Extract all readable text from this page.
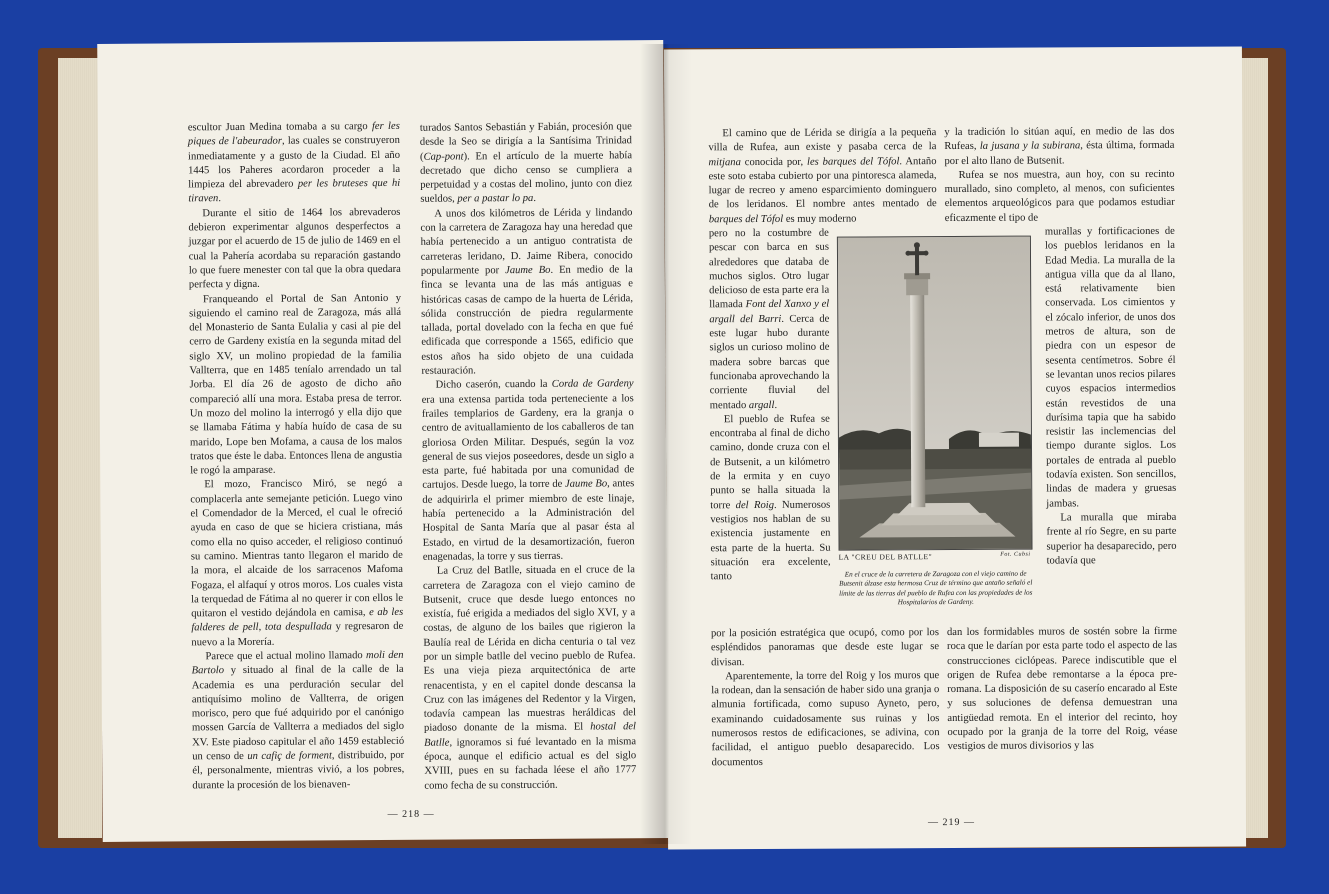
escultor Juan Medina tomaba a su cargo fer les piques de l'abeurador, las cuales se construyeron inmediatamente y a gusto de la Ciudad. El año 1445 los Paheres acordaron proceder a la limpieza del abrevadero per les bruteses que hi tiraven.

Durante el sitio de 1464 los abrevaderos debieron experimentar algunos desperfectos a juzgar por el acuerdo de 15 de julio de 1469 en el cual la Pahería acordaba su reparación gastando lo que fuere menester con tal que la obra quedara perfecta y digna.

Franqueando el Portal de San Antonio y siguiendo el camino real de Zaragoza, más allá del Monasterio de Santa Eulalia y casi al pie del cerro de Gardeny existía en la segunda mitad del siglo XV, un molino propiedad de la familia Vallterra, que en 1485 teníalo arrendado un tal Jorba. El día 26 de agosto de dicho año compareció allí una mora. Estaba presa de terror. Un mozo del molino la interrogó y ella dijo que se llamaba Fátima y había huído de casa de su marido, Lope ben Mofama, a causa de los malos tratos que éste le daba. Entonces llena de angustia le rogó la amparase.

El mozo, Francisco Miró, se negó a complacerla ante semejante petición. Luego vino el Comendador de la Merced, el cual le ofreció ayuda en caso de que se hiciera cristiana, más como ella no quiso acceder, el religioso continuó su camino. Mientras tanto llegaron el marido de la mora, el alcaide de los sarracenos Mafoma Fogaza, el alfaquí y otros moros. Los cuales vista la terquedad de Fátima al no querer ir con ellos le quitaron el vestido dejándola en camisa, e ab les falderes de pell, tota despullada y regresaron de nuevo a la Morería.

Parece que el actual molino llamado moli den Bartolo y situado al final de la calle de la Academia es una perduración secular del antiquísimo molino de Vallterra, de origen morisco, pero que fué adquirido por el canónigo mossen García de Vallterra a mediados del siglo XV. Este piadoso capitular el año 1459 estableció un censo de un cafiç de forment, distribuido, por él, personalmente, mientras vivió, a los pobres, durante la procesión de los bienaven-

turados Santos Sebastián y Fabián, procesión que desde la Seo se dirigía a la Santísima Trinidad (Cap-pont). En el artículo de la muerte había decretado que dicho censo se cumpliera a perpetuidad y a costas del molino, junto con diez sueldos, per a pastar lo pa.

A unos dos kilómetros de Lérida y lindando con la carretera de Zaragoza hay una heredad que había pertenecido a un antiguo contratista de carreteras leridano, D. Jaime Ribera, conocido popularmente por Jaume Bo. En medio de la finca se levanta una de las más antiguas e históricas casas de campo de la huerta de Lérida, sólida construcción de piedra regularmente tallada, portal dovelado con la fecha en que fué edificada que corresponde a 1565, edificio que estos años ha sido objeto de una cuidada restauración.

Dicho caserón, cuando la Corda de Gardeny era una extensa partida toda perteneciente a los frailes templarios de Gardeny, era la granja o centro de avituallamiento de los caballeros de tan gloriosa Orden Militar. Después, según la voz general de sus viejos poseedores, desde un siglo a esta parte, fué habitada por una comunidad de cartujos. Desde luego, la torre de Jaume Bo, antes de adquirirla el primer miembro de este linaje, había pertenecido a la Administración del Hospital de Santa María que al pasar ésta al Estado, en virtud de la desamortización, fueron enagenadas, la torre y sus tierras.

La Cruz del Batlle, situada en el cruce de la carretera de Zaragoza con el viejo camino de Butsenit, cruce que desde luego entonces no existía, fué erigida a mediados del siglo XVI, y a costas, de alguno de los bailes que rigieron la Baulía real de Lérida en dicha centuria o tal vez por un simple batlle del vecino pueblo de Rufea. Es una vieja pieza arquitectónica de arte renacentista, y en el capitel donde descansa la Cruz con las imágenes del Redentor y la Virgen, todavía campean las muestras heráldicas del piadoso donante de la misma. El hostal del Batlle, ignoramos si fué levantado en la misma época, aunque el edificio actual es del siglo XVIII, pues en su fachada léese el año 1777 como fecha de su construcción.

— 218 —

El camino que de Lérida se dirigía a la pequeña villa de Rufea, aun existe y pasaba cerca de la mitjana conocida por, les barques del Tófol. Antaño este soto estaba cubierto por una pintoresca alameda, lugar de recreo y ameno esparcimiento dominguero de los leridanos. El nombre antes mentado de barques del Tófol es muy moderno

pero no la costumbre de pescar con barca en sus alrededores que databa de muchos siglos. Otro lugar delicioso de esta parte era la llamada Font del Xanxo y el argall del Barri. Cerca de este lugar hubo durante siglos un curioso molino de madera sobre barcas que funcionaba aprovechando la corriente fluvial del mentado argall.

El pueblo de Rufea se encontraba al final de dicho camino, donde cruza con el de Butsenit, a un kilómetro de la ermita y en cuyo punto se halla situada la torre del Roig. Numerosos vestigios nos hablan de su existencia justamente en esta parte de la huerta. Su situación era excelente, tanto

por la posición estratégica que ocupó, como por los espléndidos panoramas que desde este lugar se divisan.

Aparentemente, la torre del Roig y los muros que la rodean, dan la sensación de haber sido una granja o almunia fortificada, como supuso Ayneto, pero, examinando cuidadosamente sus ruinas y los numerosos restos de edificaciones, se adivina, con facilidad, el antiguo pueblo desaparecido. Los documentos

LA "CREU DEL BATLLE"	Fot. Cubsi
En el cruce de la carretera de Zaragoza con el viejo camino de Butsenit álzase esta hermosa Cruz de término que antaño señaló el límite de las tierras del pueblo de Rufea con las propiedades de los Hospitalarios de Gardeny.

y la tradición lo sitúan aquí, en medio de las dos Rufeas, la jusana y la subirana, ésta última, formada por el alto llano de Butsenit.

Rufea se nos muestra, aun hoy, con su recinto murallado, sino completo, al menos, con suficientes elementos arqueológicos para que podamos estudiar eficazmente el tipo de

murallas y fortificaciones de los pueblos leridanos en la Edad Media. La muralla de la antigua villa que da al llano, está relativamente bien conservada. Los cimientos y el zócalo inferior, de unos dos metros de altura, son de piedra con un espesor de sesenta centímetros. Sobre él se levantan unos recios pilares cuyos espacios intermedios están revestidos de una durísima tapia que ha sabido resistir las inclemencias del tiempo durante siglos. Los portales de entrada al pueblo todavía existen. Son sencillos, lindas de madera y gruesas jambas.

La muralla que miraba frente al río Segre, en su parte superior ha desaparecido, pero todavía que

dan los formidables muros de sostén sobre la firme roca que le darían por esta parte todo el aspecto de las construcciones ciclópeas. Parece indiscutible que el origen de Rufea debe remontarse a la época pre-romana. La disposición de su caserío encarado al Este y sus soluciones de defensa demuestran una antigüedad remota. En el interior del recinto, hoy ocupado por la granja de la torre del Roig, véase vestigios de muros divisorios y las

— 219 —
